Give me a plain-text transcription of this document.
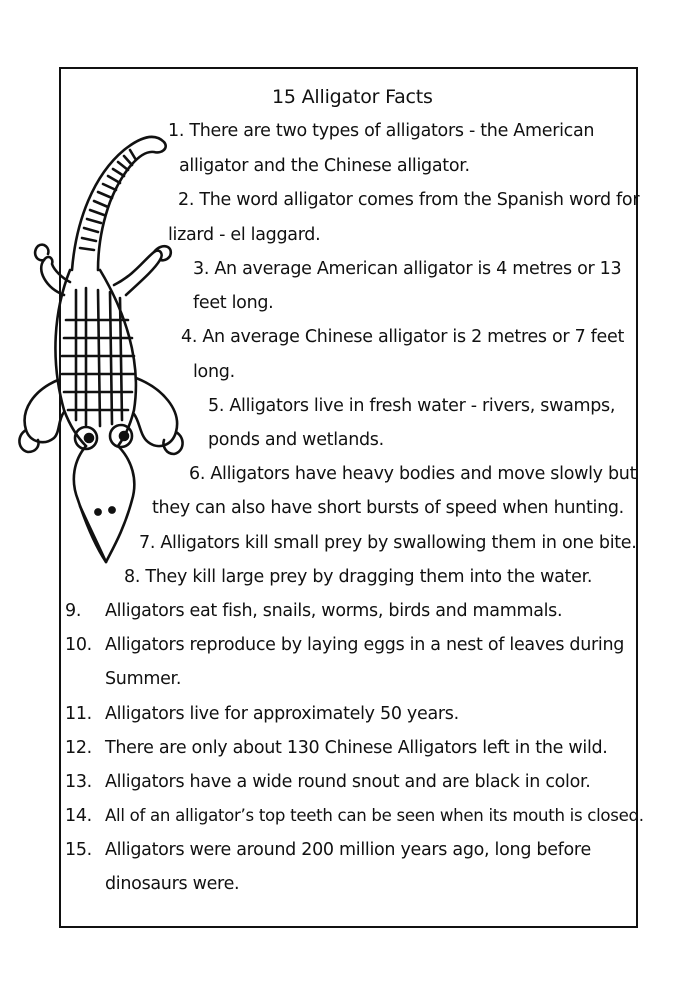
15 Alligator Facts
1. There are two types of alligators - the American
alligator and the Chinese alligator.
2. The word alligator comes from the Spanish word for
lizard - el laggard.
3. An average American alligator is 4 metres or 13
feet long.
4. An average Chinese alligator is 2 metres or 7 feet
long.
5. Alligators live in fresh water - rivers, swamps,
ponds and wetlands.
6. Alligators have heavy bodies and move slowly but
they can also have short bursts of speed when hunting.
7. Alligators kill small prey by swallowing them in one bite.
8. They kill large prey by dragging them into the water.
9. Alligators eat fish, snails, worms, birds and mammals.
10. Alligators reproduce by laying eggs in a nest of leaves during
Summer.
11. Alligators live for approximately 50 years.
12. There are only about 130 Chinese Alligators left in the wild.
13. Alligators have a wide round snout and are black in color.
14. All of an alligator’s top teeth can be seen when its mouth is closed.
15. Alligators were around 200 million years ago, long before
dinosaurs were.
